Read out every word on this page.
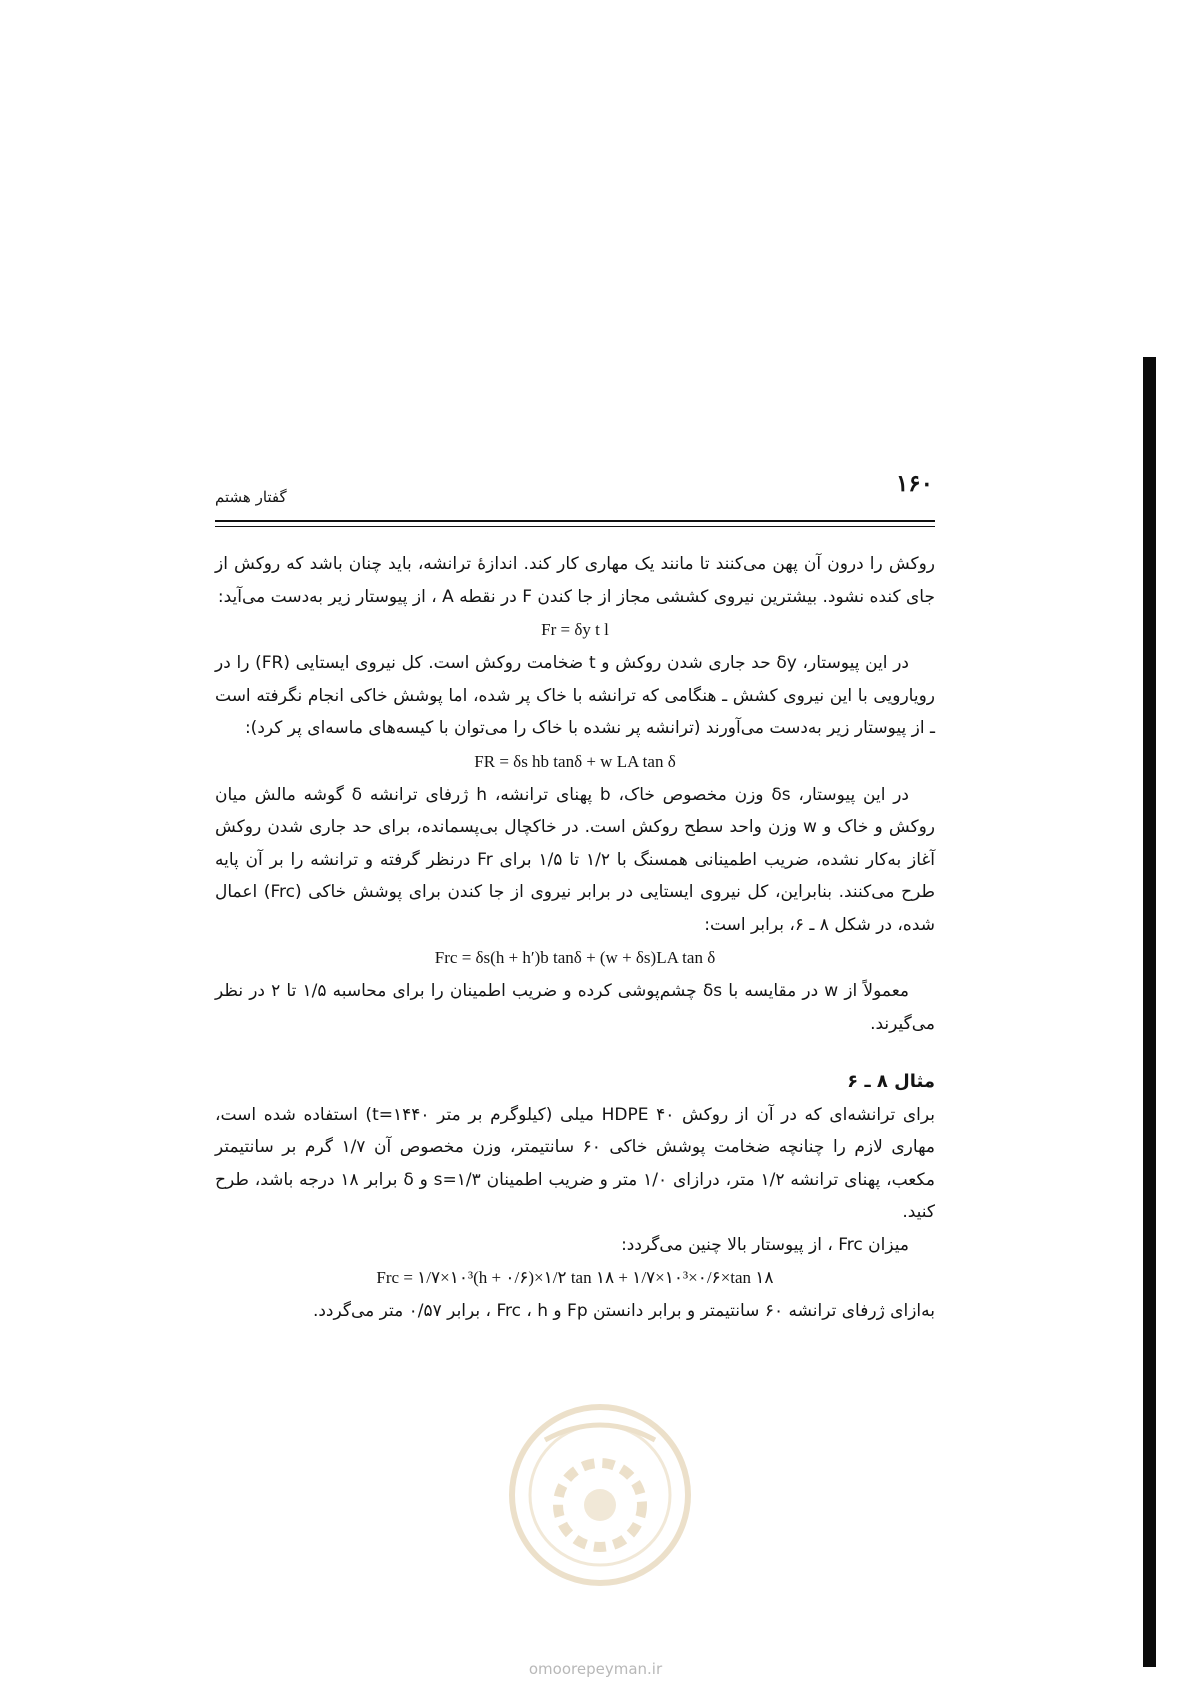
۱۶۰
گفتار هشتم

روکش را درون آن پهن می‌کنند تا مانند یک مهاری کار کند. اندازهٔ ترانشه، باید چنان باشد که روکش از جای کنده نشود. بیشترین نیروی کششی مجاز از جا کندن F در نقطه A ، از پیوستار زیر به‌دست می‌آید:

Fr = δy t l

در این پیوستار، δy حد جاری شدن روکش و t ضخامت روکش است. کل نیروی ایستایی (FR) را در رویارویی با این نیروی کشش ـ هنگامی که ترانشه با خاک پر شده، اما پوشش خاکی انجام نگرفته است ـ از پیوستار زیر به‌دست می‌آورند (ترانشه پر نشده با خاک را می‌توان با کیسه‌های ماسه‌ای پر کرد):

FR = δs hb tanδ + w LA tan δ

در این پیوستار، δs وزن مخصوص خاک، b پهنای ترانشه، h ژرفای ترانشه δ گوشه مالش میان روکش و خاک و w وزن واحد سطح روکش است. در خاکچال بی‌پسمانده، برای حد جاری شدن روکش آغاز به‌کار نشده، ضریب اطمینانی همسنگ با ۱/۲ تا ۱/۵ برای Fr درنظر گرفته و ترانشه را بر آن پایه طرح می‌کنند. بنابراین، کل نیروی ایستایی در برابر نیروی از جا کندن برای پوشش خاکی (Frc) اعمال شده، در شکل ۸ ـ ۶، برابر است:

Frc = δs(h + h′)b tanδ + (w + δs)LA tan δ

معمولاً از w در مقایسه با δs چشم‌پوشی کرده و ضریب اطمینان را برای محاسبه ۱/۵ تا ۲ در نظر می‌گیرند.

مثال ۸ ـ ۶

برای ترانشه‌ای که در آن از روکش HDPE ۴۰ میلی (کیلوگرم بر متر ۱۴۴۰=t) استفاده شده است، مهاری لازم را چنانچه ضخامت پوشش خاکی ۶۰ سانتیمتر، وزن مخصوص آن ۱/۷ گرم بر سانتیمتر مکعب، پهنای ترانشه ۱/۲ متر، درازای ۱/۰ متر و ضریب اطمینان ۱/۳=s و δ برابر ۱۸ درجه باشد، طرح کنید.

میزان Frc ، از پیوستار بالا چنین می‌گردد:

Frc = ۱/۷×۱۰³(h + ۰/۶)×۱/۲ tan ۱۸ + ۱/۷×۱۰³×۰/۶×tan ۱۸

به‌ازای ژرفای ترانشه ۶۰ سانتیمتر و برابر دانستن Fp و Frc ، h ، برابر ۰/۵۷ متر می‌گردد.

omoorepeyman.ir
